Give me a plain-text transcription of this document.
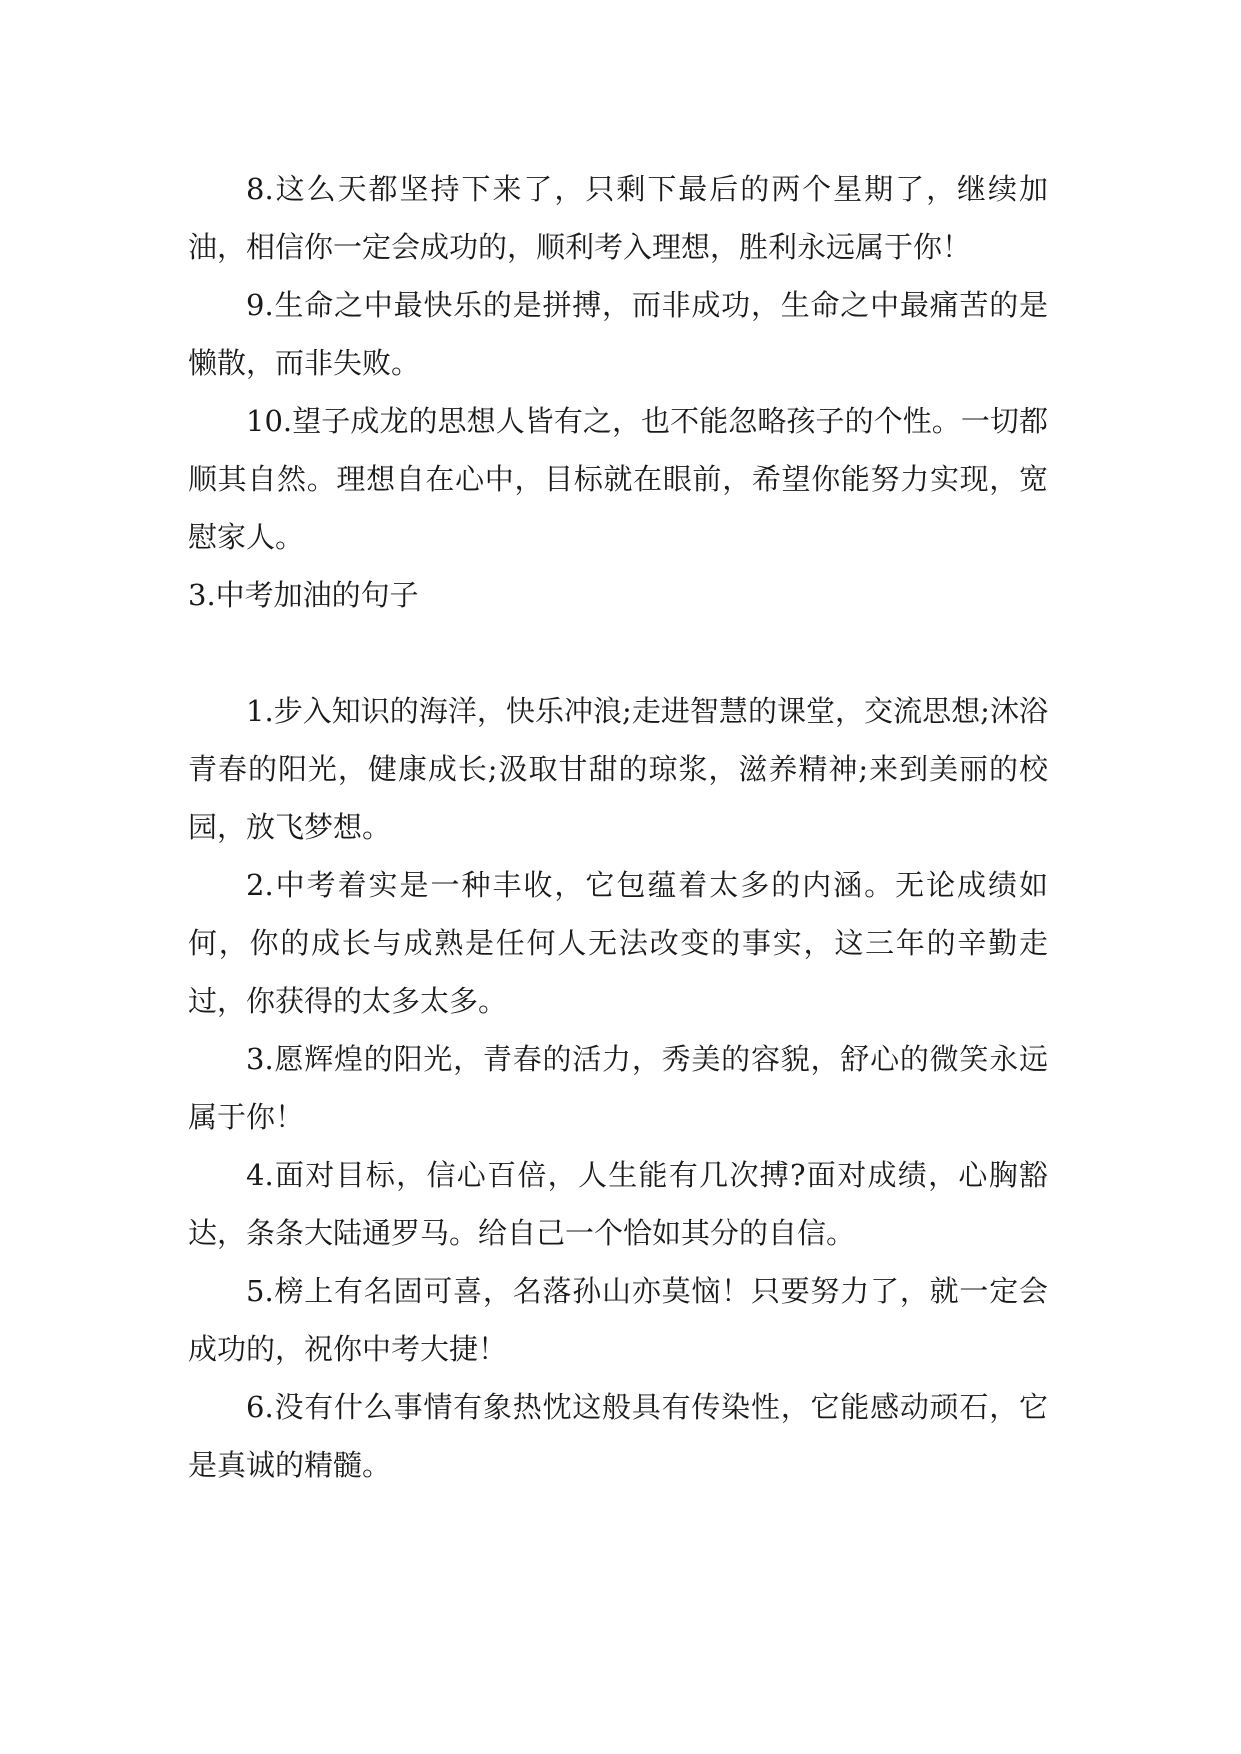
8.这么天都坚持下来了，只剩下最后的两个星期了，继续加油，相信你一定会成功的，顺利考入理想，胜利永远属于你！

9.生命之中最快乐的是拼搏，而非成功，生命之中最痛苦的是懒散，而非失败。

10.望子成龙的思想人皆有之，也不能忽略孩子的个性。一切都顺其自然。理想自在心中，目标就在眼前，希望你能努力实现，宽慰家人。

3.中考加油的句子

1.步入知识的海洋，快乐冲浪;走进智慧的课堂，交流思想;沐浴青春的阳光，健康成长;汲取甘甜的琼浆，滋养精神;来到美丽的校园，放飞梦想。

2.中考着实是一种丰收，它包蕴着太多的内涵。无论成绩如何，你的成长与成熟是任何人无法改变的事实，这三年的辛勤走过，你获得的太多太多。

3.愿辉煌的阳光，青春的活力，秀美的容貌，舒心的微笑永远属于你！

4.面对目标，信心百倍，人生能有几次搏?面对成绩，心胸豁达，条条大陆通罗马。给自己一个恰如其分的自信。

5.榜上有名固可喜，名落孙山亦莫恼！只要努力了，就一定会成功的，祝你中考大捷！

6.没有什么事情有象热忱这般具有传染性，它能感动顽石，它是真诚的精髓。
